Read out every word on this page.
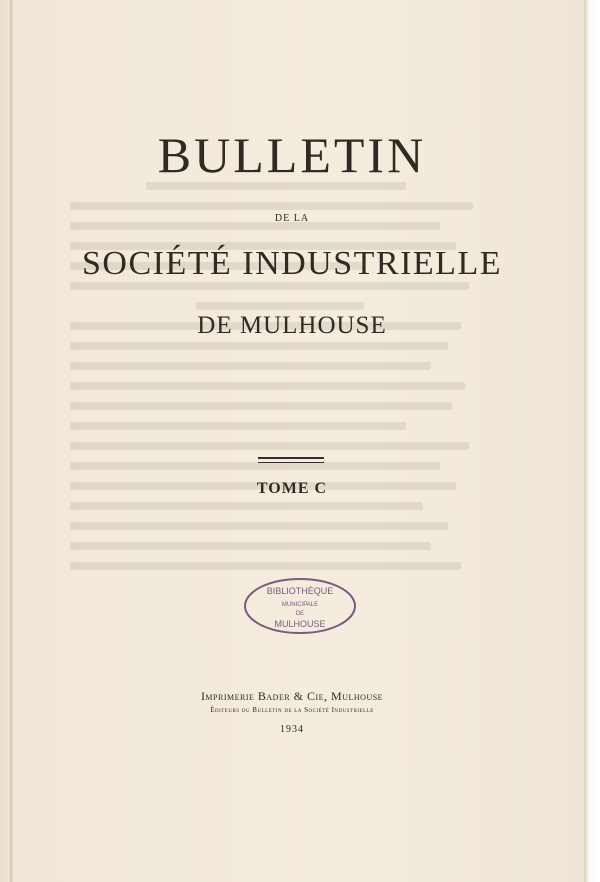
BULLETIN
DE LA
SOCIÉTÉ INDUSTRIELLE
DE MULHOUSE
TOME C
BIBLIOTHÈQUE
MUNICIPALE
DE
MULHOUSE
Imprimerie Bader & Cie, Mulhouse
Éditeurs du Bulletin de la Société Industrielle
1934
